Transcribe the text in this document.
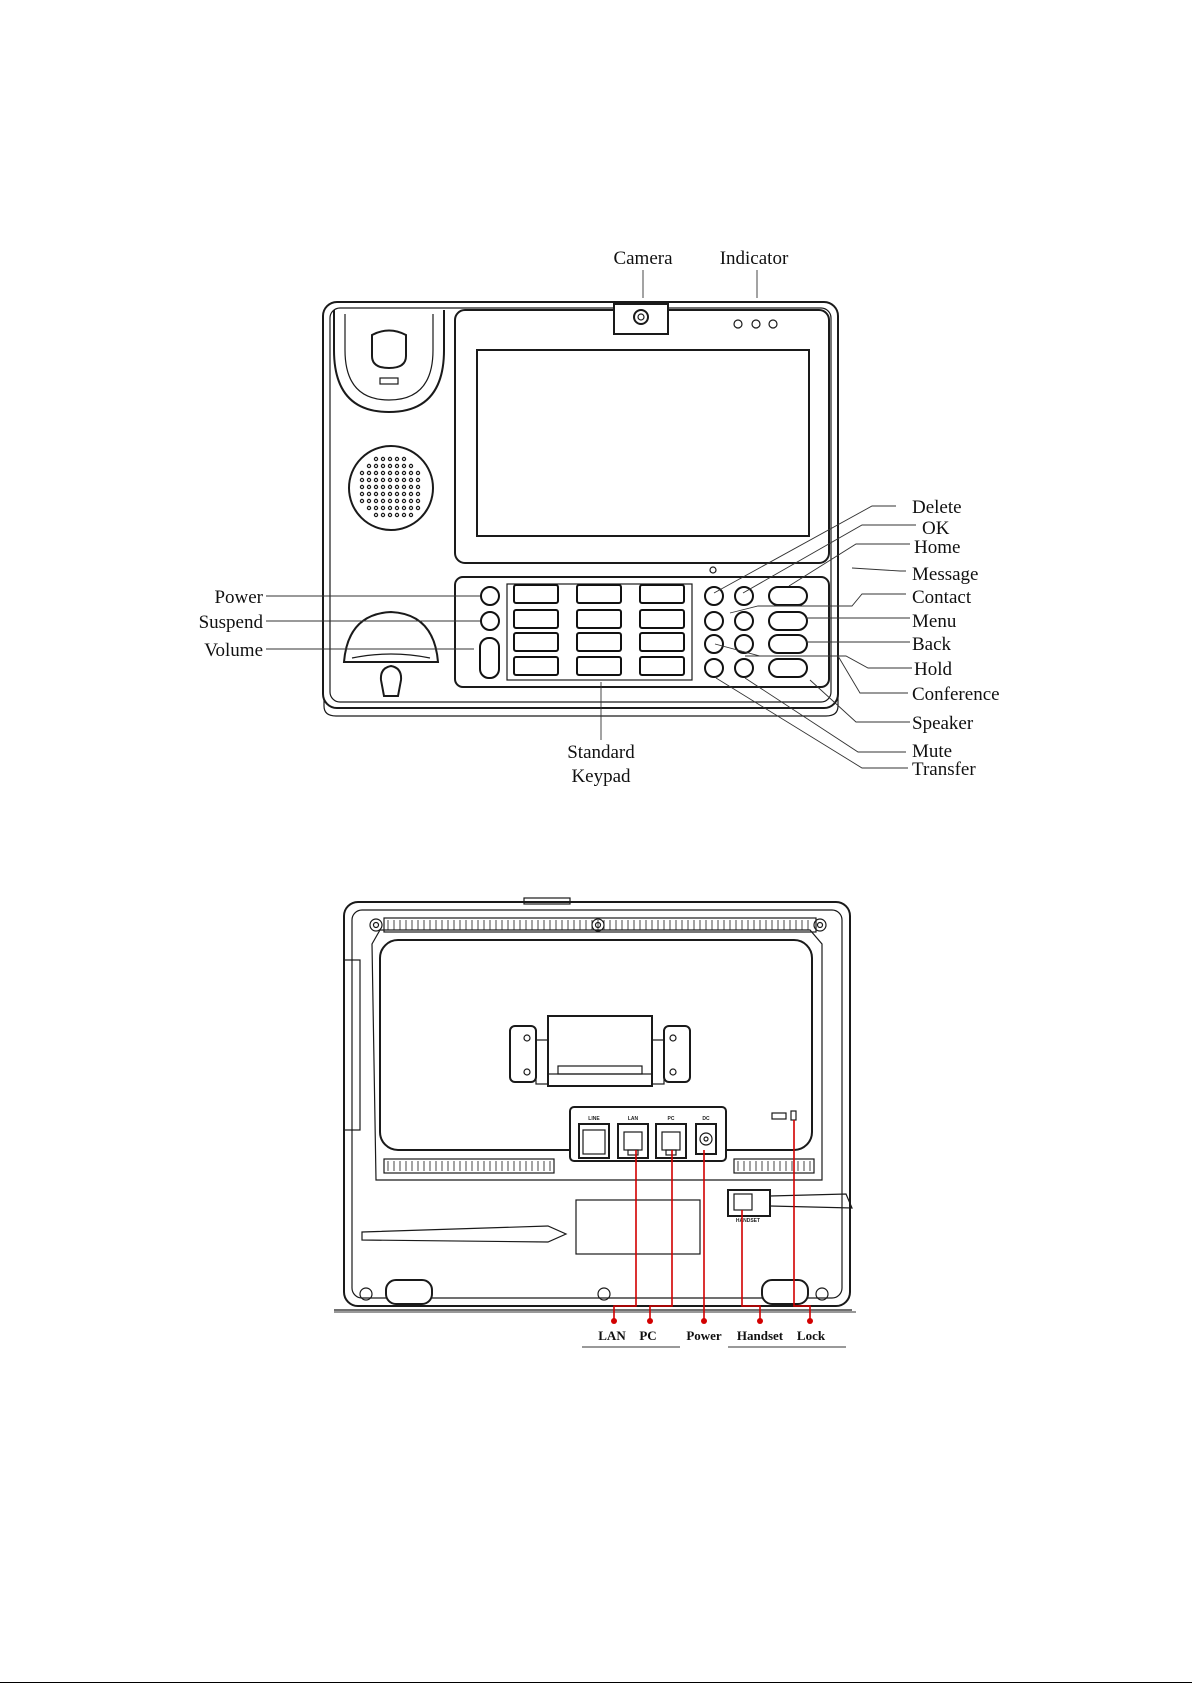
Camera Indicator
Delete
OK
Home
Message
Contact
Menu
Back
Hold
Conference
Speaker
Mute
Transfer
Power
Suspend
Volume
Standard
Keypad
LINE	LAN	PC	DC
HANDSET
LAN PC Power Handset Lock
